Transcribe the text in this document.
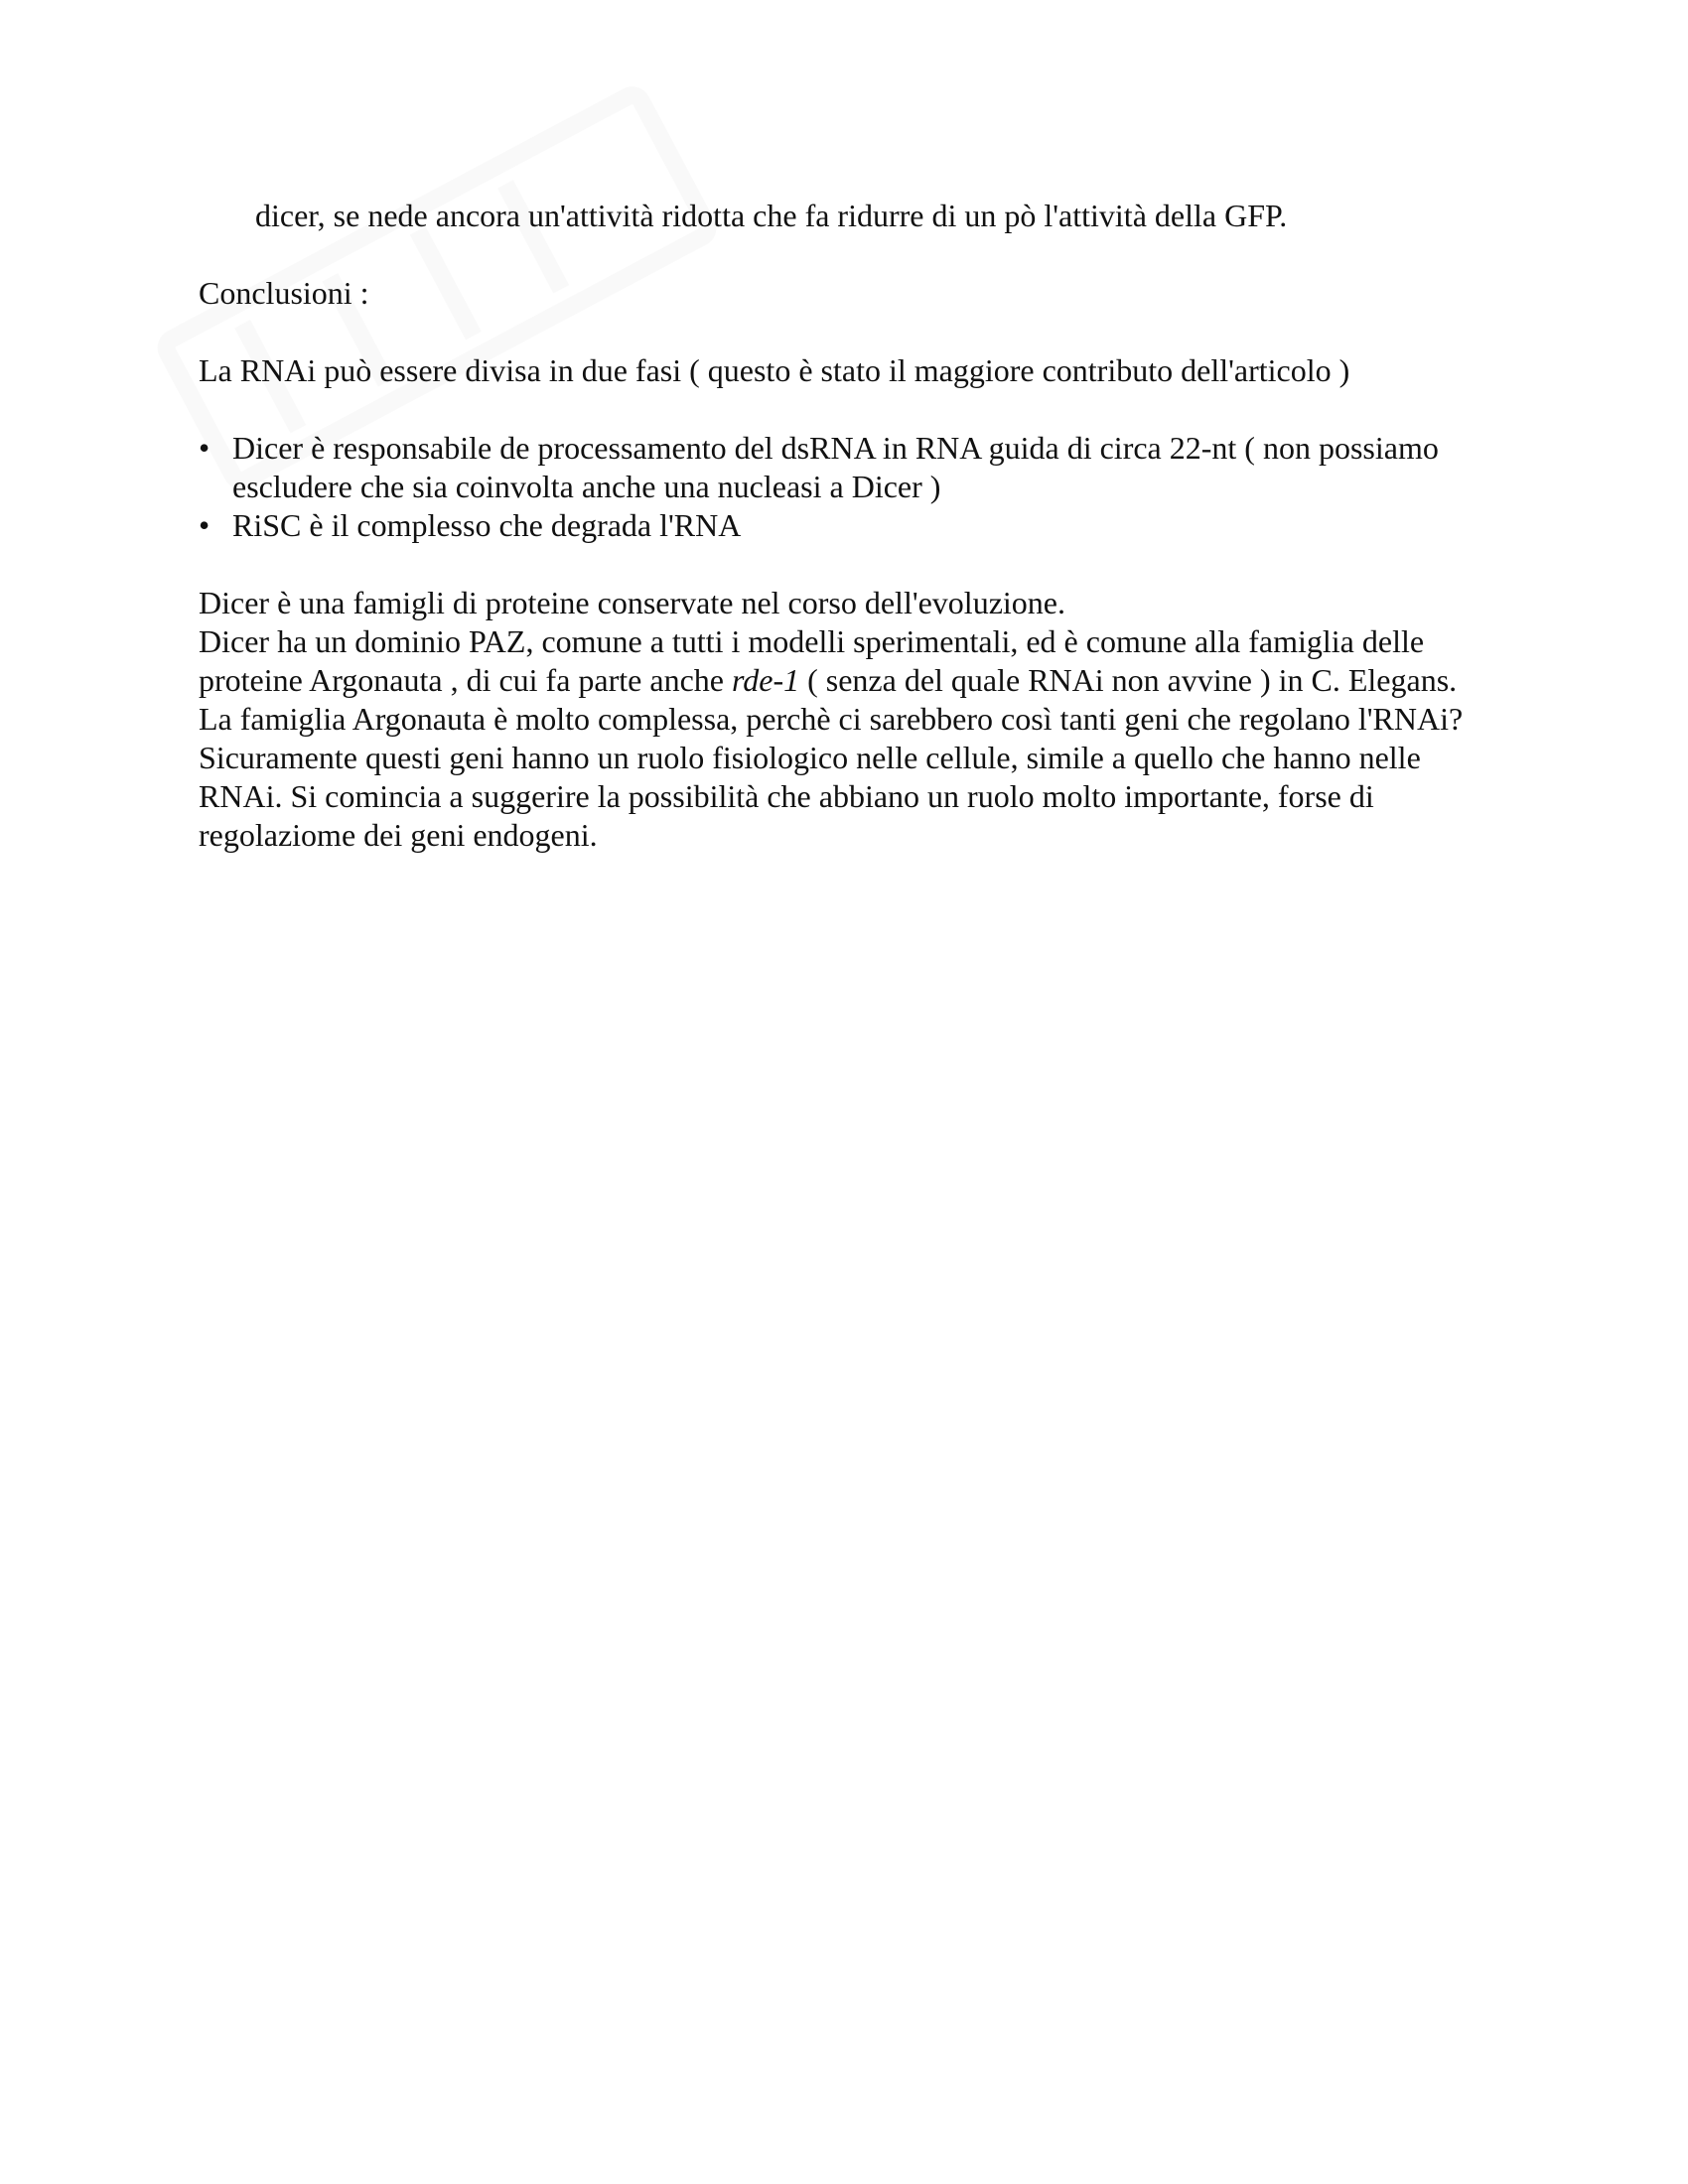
dicer, se nede ancora un'attività ridotta che fa ridurre di un pò l'attività della GFP.

Conclusioni :

La RNAi può essere divisa in due fasi ( questo è stato il maggiore contributo dell'articolo )

• Dicer è responsabile de processamento del dsRNA in RNA guida di circa 22-nt ( non possiamo escludere che sia coinvolta anche una nucleasi a Dicer )
• RiSC è il complesso che degrada l'RNA

Dicer è una famigli di proteine conservate nel corso dell'evoluzione.

Dicer ha un dominio PAZ, comune a tutti i modelli sperimentali, ed è comune alla famiglia delle proteine Argonauta , di cui fa parte anche rde-1 ( senza del quale RNAi non avvine ) in C. Elegans.

La famiglia Argonauta è molto complessa, perchè ci sarebbero così tanti geni che regolano l'RNAi? Sicuramente questi geni hanno un ruolo fisiologico nelle cellule, simile a quello che hanno nelle RNAi. Si comincia a suggerire la possibilità che abbiano un ruolo molto importante, forse di regolaziome dei geni endogeni.
